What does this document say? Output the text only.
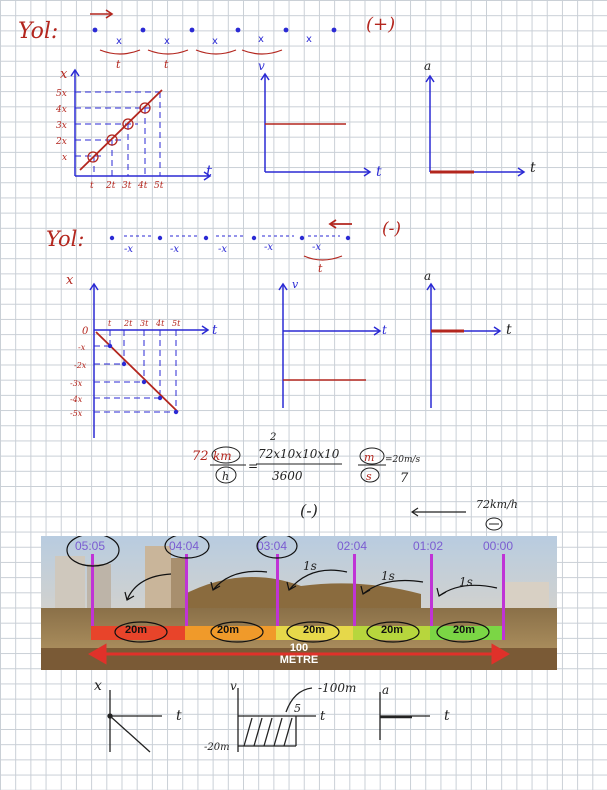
Yol:	(+)
x	x	x	x	x
t	t
x
5x
4x
3x
2x
x
t 2t 3t 4t 5t
t
v
t
a
t
Yol:	(-)
-x	-x	-x	-x	-x
t
x
0
-x
-2x
-3x
-4x
-5x
t 2t 3t 4t 5t t
v
t
a
t
72 km
h
=
2
72x10x10x10
3600
m
s
=20m/s
7
(-)	72km/h
x
t
v	-100m
5
t
-20m
a
t
05:05	04:04	03:04	02:04	01:02	00:00
20m	20m	20m	20m	20m
1s
1s	1s
100
METRE
